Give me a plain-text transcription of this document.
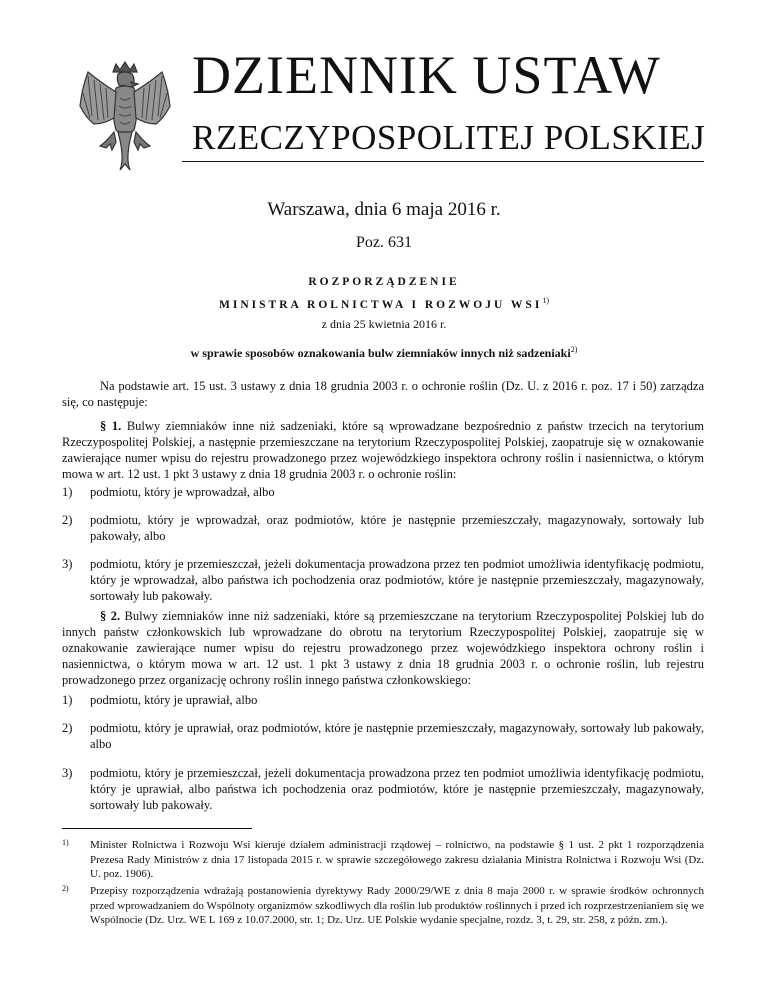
DZIENNIK USTAW
RZECZYPOSPOLITEJ POLSKIEJ
Warszawa, dnia 6 maja 2016 r.
Poz. 631
ROZPORZĄDZENIE
MINISTRA ROLNICTWA I ROZWOJU WSI$^{1)}$
z dnia 25 kwietnia 2016 r.
w sprawie sposobów oznakowania bulw ziemniaków innych niż sadzeniaki$^{2)}$

Na podstawie art. 15 ust. 3 ustawy z dnia 18 grudnia 2003 r. o ochronie roślin (Dz. U. z 2016 r. poz. 17 i 50) zarządza się, co następuje:

§ 1. Bulwy ziemniaków inne niż sadzeniaki, które są wprowadzane bezpośrednio z państw trzecich na terytorium Rzeczypospolitej Polskiej, a następnie przemieszczane na terytorium Rzeczypospolitej Polskiej, zaopatruje się w oznakowanie zawierające numer wpisu do rejestru prowadzonego przez wojewódzkiego inspektora ochrony roślin i nasiennictwa, o którym mowa w art. 12 ust. 1 pkt 3 ustawy z dnia 18 grudnia 2003 r. o ochronie roślin:

1) podmiotu, który je wprowadzał, albo
2) podmiotu, który je wprowadzał, oraz podmiotów, które je następnie przemieszczały, magazynowały, sortowały lub pakowały, albo
3) podmiotu, który je przemieszczał, jeżeli dokumentacja prowadzona przez ten podmiot umożliwia identyfikację podmiotu, który je wprowadzał, albo państwa ich pochodzenia oraz podmiotów, które je następnie przemieszczały, magazynowały, sortowały lub pakowały.

§ 2. Bulwy ziemniaków inne niż sadzeniaki, które są przemieszczane na terytorium Rzeczypospolitej Polskiej lub do innych państw członkowskich lub wprowadzane do obrotu na terytorium Rzeczypospolitej Polskiej, zaopatruje się w oznakowanie zawierające numer wpisu do rejestru prowadzonego przez wojewódzkiego inspektora ochrony roślin i nasiennictwa, o którym mowa w art. 12 ust. 1 pkt 3 ustawy z dnia 18 grudnia 2003 r. o ochronie roślin, lub rejestru prowadzonego przez organizację ochrony roślin innego państwa członkowskiego:

1) podmiotu, który je uprawiał, albo
2) podmiotu, który je uprawiał, oraz podmiotów, które je następnie przemieszczały, magazynowały, sortowały lub pakowały, albo
3) podmiotu, który je przemieszczał, jeżeli dokumentacja prowadzona przez ten podmiot umożliwia identyfikację podmiotu, który je uprawiał, albo państwa ich pochodzenia oraz podmiotów, które je następnie przemieszczały, magazynowały, sortowały lub pakowały.
1) Minister Rolnictwa i Rozwoju Wsi kieruje działem administracji rządowej – rolnictwo, na podstawie § 1 ust. 2 pkt 1 rozporządzenia Prezesa Rady Ministrów z dnia 17 listopada 2015 r. w sprawie szczegółowego zakresu działania Ministra Rolnictwa i Rozwoju Wsi (Dz. U. poz. 1906).
2) Przepisy rozporządzenia wdrażają postanowienia dyrektywy Rady 2000/29/WE z dnia 8 maja 2000 r. w sprawie środków ochronnych przed wprowadzaniem do Wspólnoty organizmów szkodliwych dla roślin lub produktów roślinnych i przed ich rozprzestrzenianiem się we Wspólnocie (Dz. Urz. WE L 169 z 10.07.2000, str. 1; Dz. Urz. UE Polskie wydanie specjalne, rozdz. 3, t. 29, str. 258, z późn. zm.).
